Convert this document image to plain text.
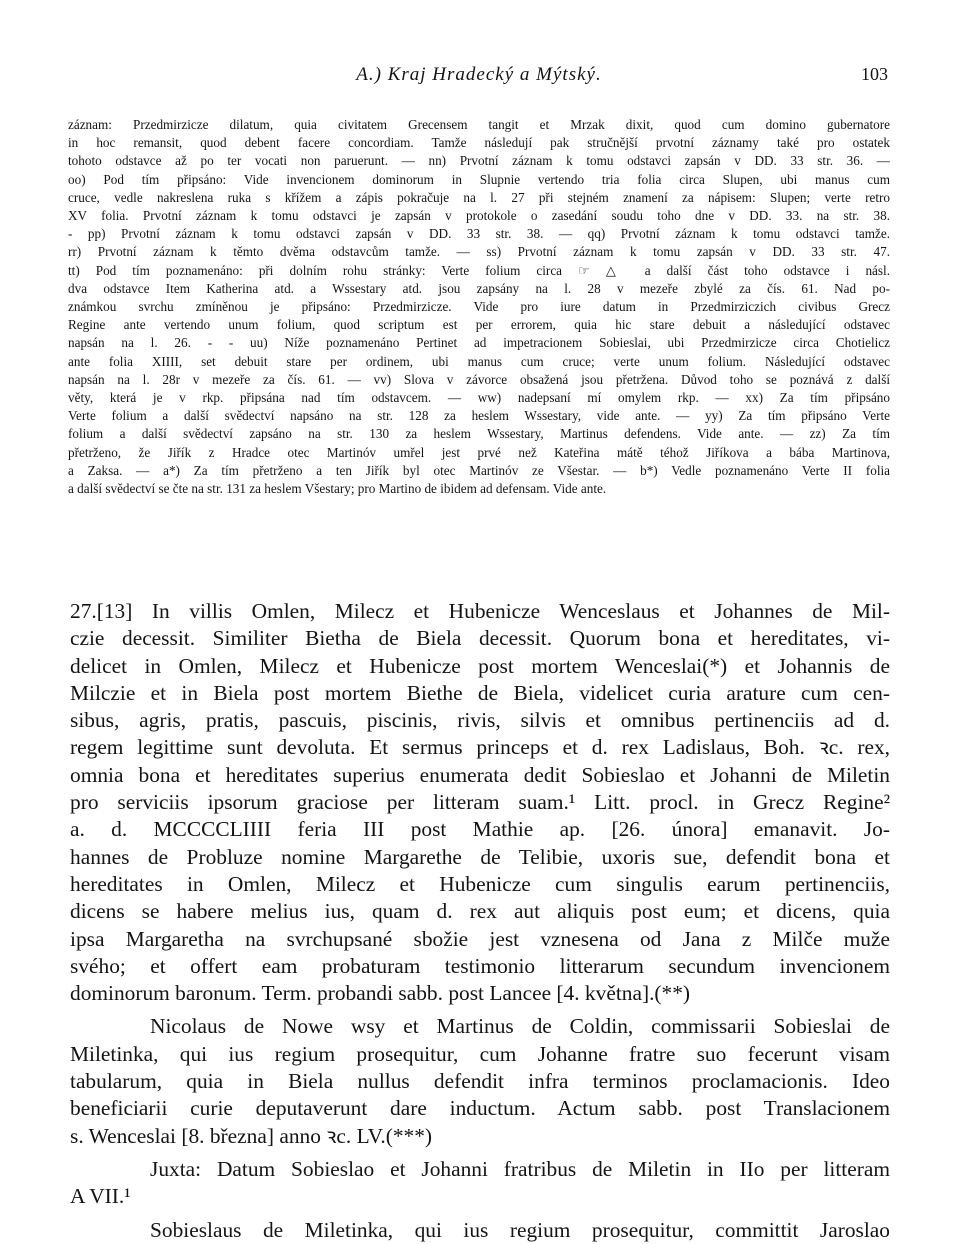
A.) Kraj Hradecký a Mýtský.	103
záznam: Przedmirzicze dilatum, quia civitatem Grecensem tangit et Mrzak dixit, quod cum domino gubernatore
in hoc remansit, quod debent facere concordiam. Tamže následují pak stručnější prvotní záznamy také pro ostatek
tohoto odstavce až po ter vocati non paruerunt. — nn) Prvotní záznam k tomu odstavci zapsán v DD. 33 str. 36. —
oo) Pod tím připsáno: Vide invencionem dominorum in Slupnie vertendo tria folia circa Slupen, ubi manus cum
cruce, vedle nakreslena ruka s křížem a zápis pokračuje na l. 27 při stejném znamení za nápisem: Slupen; verte retro
XV folia. Prvotní záznam k tomu odstavci je zapsán v protokole o zasedání soudu toho dne v DD. 33. na str. 38.
- pp) Prvotní záznam k tomu odstavci zapsán v DD. 33 str. 38. — qq) Prvotní záznam k tomu odstavci tamže.
rr) Prvotní záznam k těmto dvěma odstavcům tamže. — ss) Prvotní záznam k tomu zapsán v DD. 33 str. 47.
tt) Pod tím poznamenáno: při dolním rohu stránky: Verte folium circa ☞ △ a další část toho odstavce i násl.
dva odstavce Item Katherina atd. a Wssestary atd. jsou zapsány na l. 28 v mezeře zbylé za čís. 61. Nad po-
známkou svrchu zmíněnou je připsáno: Przedmirzicze. Vide pro iure datum in Przedmirziczich civibus Grecz
Regine ante vertendo unum folium, quod scriptum est per errorem, quia hic stare debuit a následující odstavec
napsán na l. 26. - - uu) Níže poznamenáno Pertinet ad impetracionem Sobieslai, ubi Przedmirzicze circa Chotielicz
ante folia XIIII, set debuit stare per ordinem, ubi manus cum cruce; verte unum folium. Následující odstavec
napsán na l. 28r v mezeře za čís. 61. — vv) Slova v závorce obsažená jsou přetržena. Důvod toho se poznává z další
věty, která je v rkp. připsána nad tím odstavcem. — ww) nadepsaní mí omylem rkp. — xx) Za tím připsáno
Verte folium a další svědectví napsáno na str. 128 za heslem Wssestary, vide ante. — yy) Za tím připsáno Verte
folium a další svědectví zapsáno na str. 130 za heslem Wssestary, Martinus defendens. Vide ante. — zz) Za tím
přetrženo, že Jiřík z Hradce otec Martinóv umřel jest prvé než Kateřina mátě téhož Jiříkova a bába Martinova,
a Zaksa. — a*) Za tím přetrženo a ten Jiřík byl otec Martinóv ze Všestar. — b*) Vedle poznamenáno Verte II folia
a další svědectví se čte na str. 131 za heslem Všestary; pro Martino de ibidem ad defensam. Vide ante.
27.[13] In villis Omlen, Milecz et Hubenicze Wenceslaus et Johannes de Mil-
czie decessit. Similiter Bietha de Biela decessit. Quorum bona et hereditates, vi-
delicet in Omlen, Milecz et Hubenicze post mortem Wenceslai(*) et Johannis de
Milczie et in Biela post mortem Biethe de Biela, videlicet curia arature cum cen-
sibus, agris, pratis, pascuis, piscinis, rivis, silvis et omnibus pertinenciis ad d.
regem legittime sunt devoluta. Et sermus princeps et d. rex Ladislaus, Boh. ꝛc. rex,
omnia bona et hereditates superius enumerata dedit Sobieslao et Johanni de Miletin
pro serviciis ipsorum graciose per litteram suam.¹ Litt. procl. in Grecz Regine²
a. d. MCCCCLIIII feria III post Mathie ap. [26. února] emanavit. Jo-
hannes de Probluze nomine Margarethe de Telibie, uxoris sue, defendit bona et
hereditates in Omlen, Milecz et Hubenicze cum singulis earum pertinenciis,
dicens se habere melius ius, quam d. rex aut aliquis post eum; et dicens, quia
ipsa Margaretha na svrchupsané sbožie jest vznesena od Jana z Milče muže
svého; et offert eam probaturam testimonio litterarum secundum invencionem
dominorum baronum. Term. probandi sabb. post Lancee [4. května].(**)
Nicolaus de Nowe wsy et Martinus de Coldin, commissarii Sobieslai de
Miletinka, qui ius regium prosequitur, cum Johanne fratre suo fecerunt visam
tabularum, quia in Biela nullus defendit infra terminos proclamacionis. Ideo
beneficiarii curie deputaverunt dare inductum. Actum sabb. post Translacionem
s. Wenceslai [8. března] anno ꝛc. LV.(***)
Juxta: Datum Sobieslao et Johanni fratribus de Miletin in IIo per litteram
A VII.¹
Sobieslaus de Miletinka, qui ius regium prosequitur, committit Jaroslao
